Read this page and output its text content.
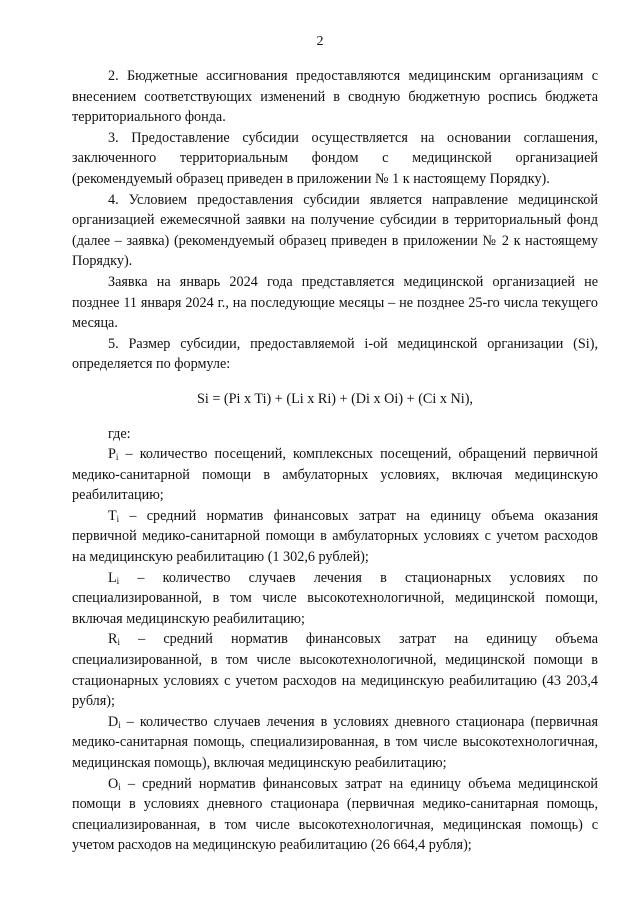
2

2. Бюджетные ассигнования предоставляются медицинским организациям с внесением соответствующих изменений в сводную бюджетную роспись бюджета территориального фонда.

3. Предоставление субсидии осуществляется на основании соглашения, заключенного территориальным фондом с медицинской организацией (рекомендуемый образец приведен в приложении № 1 к настоящему Порядку).

4. Условием предоставления субсидии является направление медицинской организацией ежемесячной заявки на получение субсидии в территориальный фонд (далее – заявка) (рекомендуемый образец приведен в приложении № 2 к настоящему Порядку).

Заявка на январь 2024 года представляется медицинской организацией не позднее 11 января 2024 г., на последующие месяцы – не позднее 25-го числа текущего месяца.

5. Размер субсидии, предоставляемой i-ой медицинской организации (Si), определяется по формуле:

Si = (Pi x Ti) + (Li x Ri) + (Di x Oi) + (Ci x Ni),

где:

$P_i$ – количество посещений, комплексных посещений, обращений первичной медико-санитарной помощи в амбулаторных условиях, включая медицинскую реабилитацию;

$T_i$ – средний норматив финансовых затрат на единицу объема оказания первичной медико-санитарной помощи в амбулаторных условиях с учетом расходов на медицинскую реабилитацию (1 302,6 рублей);

$L_i$ – количество случаев лечения в стационарных условиях по специализированной, в том числе высокотехнологичной, медицинской помощи, включая медицинскую реабилитацию;

$R_i$ – средний норматив финансовых затрат на единицу объема специализированной, в том числе высокотехнологичной, медицинской помощи в стационарных условиях с учетом расходов на медицинскую реабилитацию (43 203,4 рубля);

$D_i$ – количество случаев лечения в условиях дневного стационара (первичная медико-санитарная помощь, специализированная, в том числе высокотехнологичная, медицинская помощь), включая медицинскую реабилитацию;

$O_i$ – средний норматив финансовых затрат на единицу объема медицинской помощи в условиях дневного стационара (первичная медико-санитарная помощь, специализированная, в том числе высокотехнологичная, медицинская помощь) с учетом расходов на медицинскую реабилитацию (26 664,4 рубля);
